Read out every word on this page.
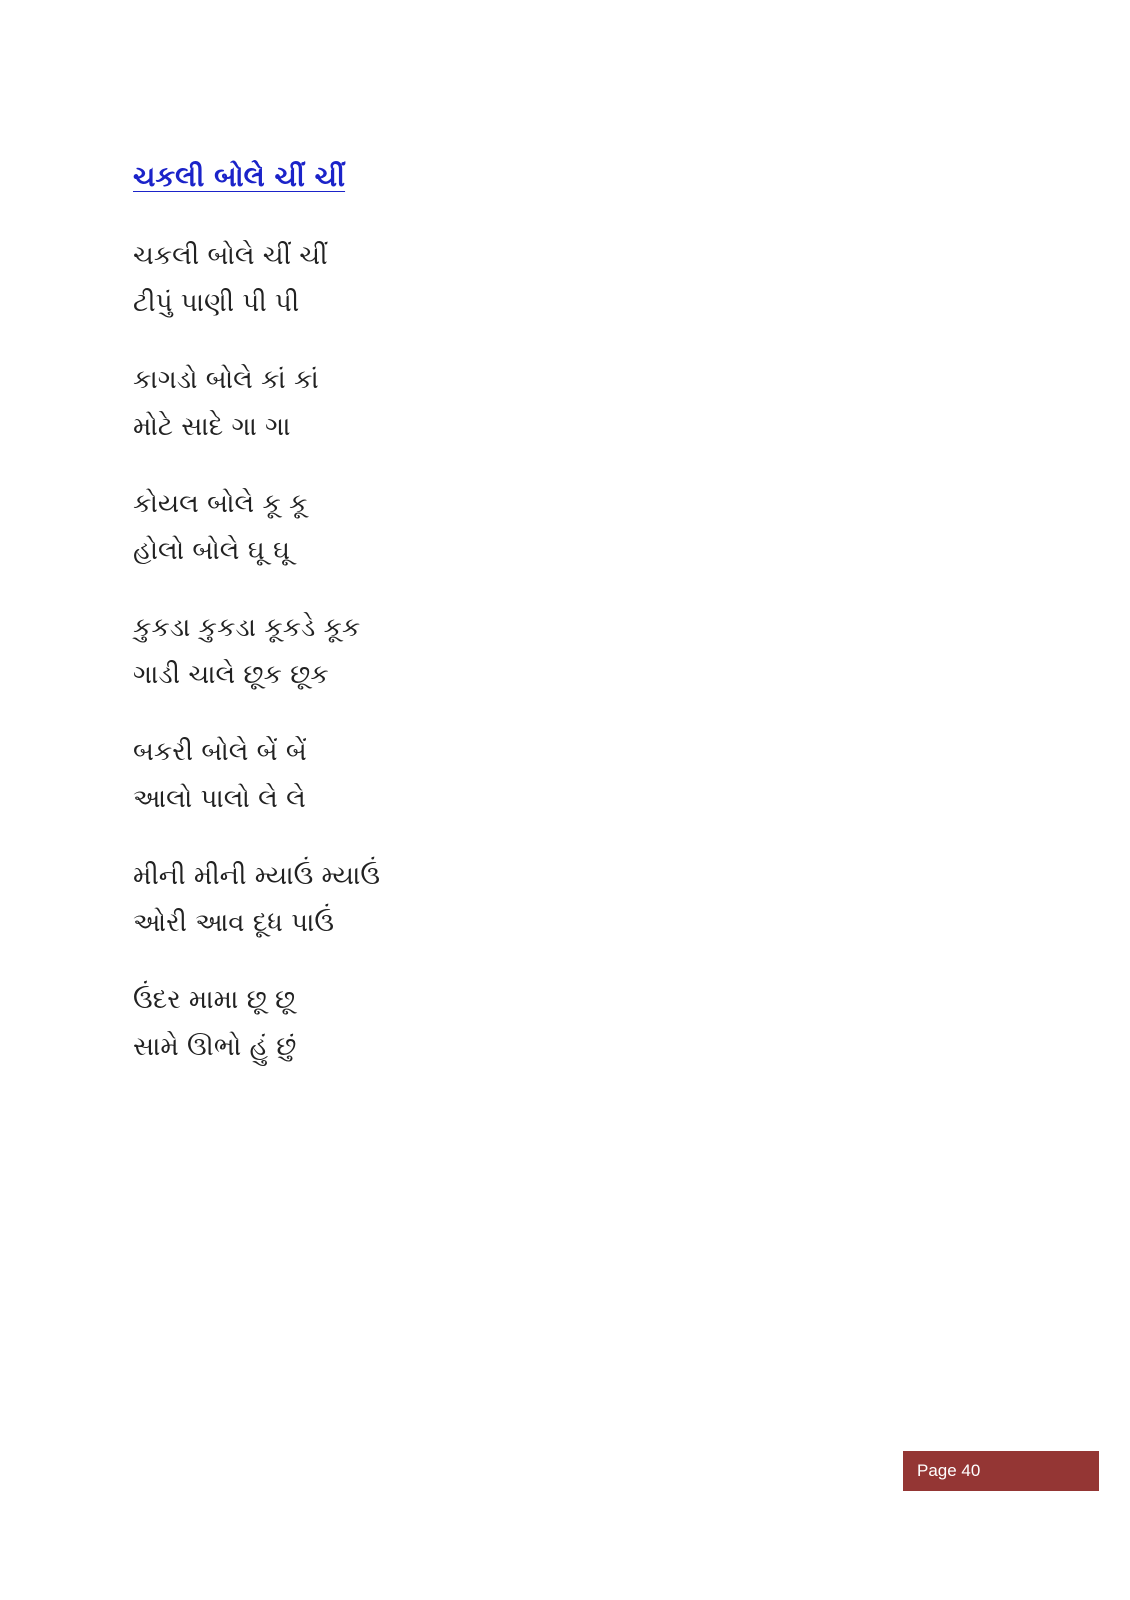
ચકલી બોલે ચીં ચીં
ચકલી બોલે ચીં ચીં
ટીપું પાણી પી પી
કાગડો બોલે કાં કાં
મોટે સાદે ગા ગા
કોયલ બોલે કૂ કૂ
હોલો બોલે ઘૂ ઘૂ
કુકડા કુકડા કૂકડે કૂક
ગાડી ચાલે છૂક છૂક
બકરી બોલે બેં બેં
આલો પાલો લે લે
મીની મીની મ્યાઉં મ્યાઉં
ઓરી આવ દૂધ પાઉં
ઉંદર મામા છૂ છૂ
સામે ઊભો હું છું
Page 40
